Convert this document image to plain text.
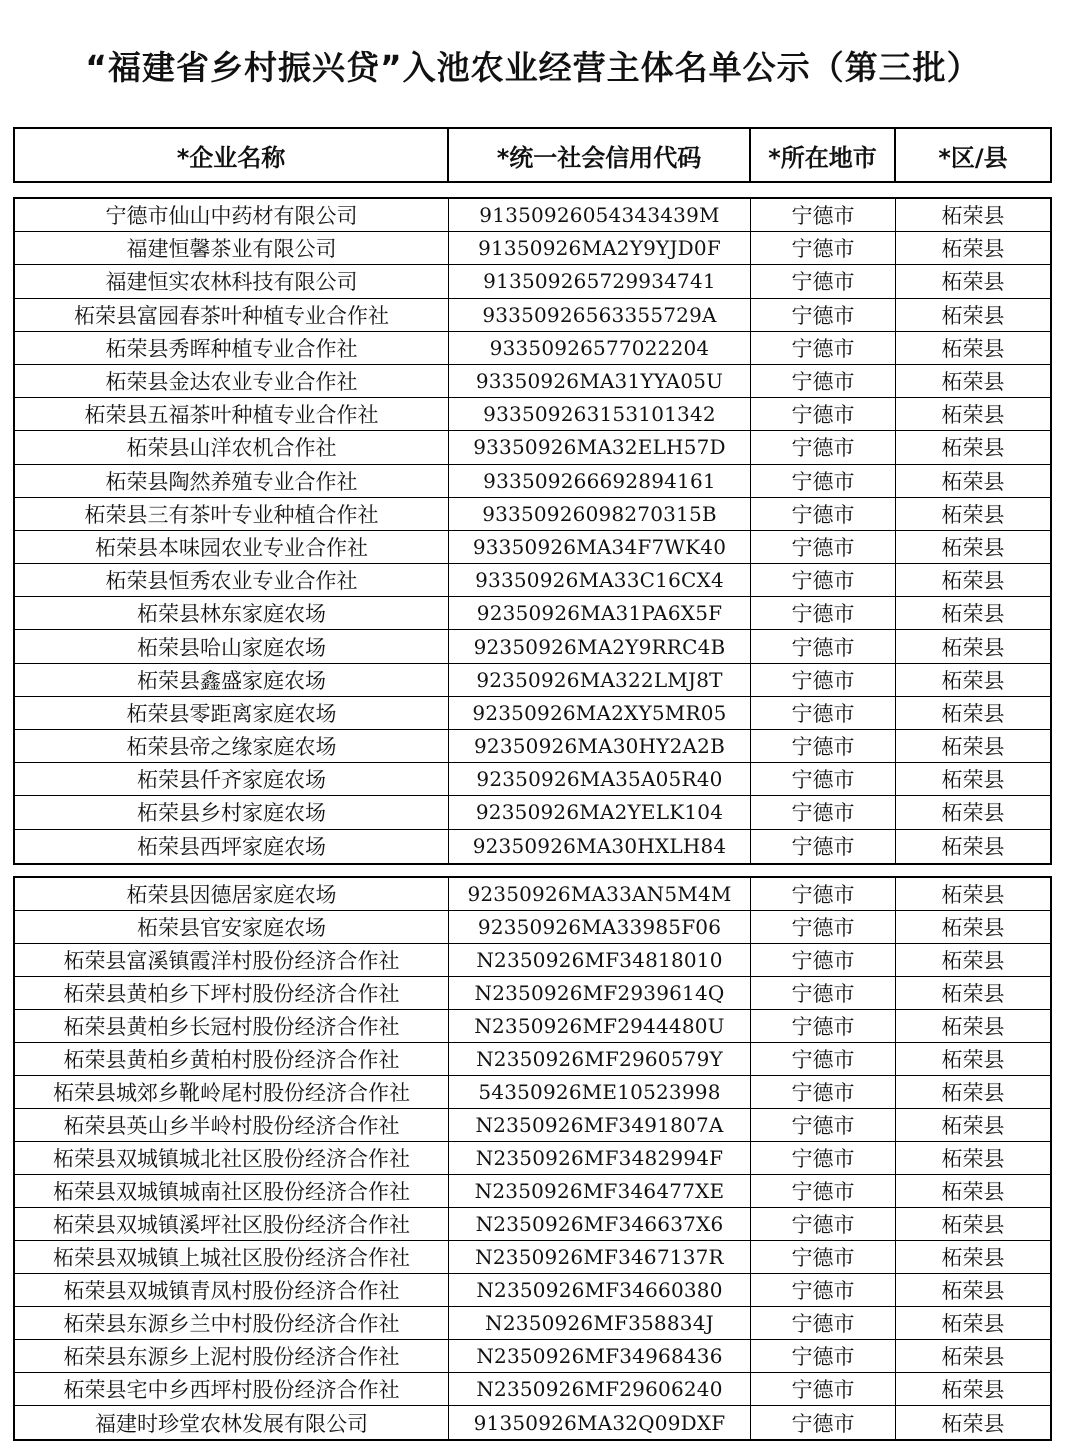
“福建省乡村振兴贷”入池农业经营主体名单公示（第三批）
*企业名称	*统一社会信用代码	*所在地市	*区/县
宁德市仙山中药材有限公司	91350926054343439M	宁德市	柘荣县
福建恒馨茶业有限公司	91350926MA2Y9YJD0F	宁德市	柘荣县
福建恒实农林科技有限公司	913509265729934741	宁德市	柘荣县
柘荣县富园春茶叶种植专业合作社	93350926563355729A	宁德市	柘荣县
柘荣县秀晖种植专业合作社	93350926577022204	宁德市	柘荣县
柘荣县金达农业专业合作社	93350926MA31YYA05U	宁德市	柘荣县
柘荣县五福茶叶种植专业合作社	933509263153101342	宁德市	柘荣县
柘荣县山洋农机合作社	93350926MA32ELH57D	宁德市	柘荣县
柘荣县陶然养殖专业合作社	933509266692894161	宁德市	柘荣县
柘荣县三有茶叶专业种植合作社	93350926098270315B	宁德市	柘荣县
柘荣县本味园农业专业合作社	93350926MA34F7WK40	宁德市	柘荣县
柘荣县恒秀农业专业合作社	93350926MA33C16CX4	宁德市	柘荣县
柘荣县林东家庭农场	92350926MA31PA6X5F	宁德市	柘荣县
柘荣县哈山家庭农场	92350926MA2Y9RRC4B	宁德市	柘荣县
柘荣县鑫盛家庭农场	92350926MA322LMJ8T	宁德市	柘荣县
柘荣县零距离家庭农场	92350926MA2XY5MR05	宁德市	柘荣县
柘荣县帝之缘家庭农场	92350926MA30HY2A2B	宁德市	柘荣县
柘荣县仟齐家庭农场	92350926MA35A05R40	宁德市	柘荣县
柘荣县乡村家庭农场	92350926MA2YELK104	宁德市	柘荣县
柘荣县西坪家庭农场	92350926MA30HXLH84	宁德市	柘荣县
柘荣县因德居家庭农场	92350926MA33AN5M4M	宁德市	柘荣县
柘荣县官安家庭农场	92350926MA33985F06	宁德市	柘荣县
柘荣县富溪镇霞洋村股份经济合作社	N2350926MF34818010	宁德市	柘荣县
柘荣县黄柏乡下坪村股份经济合作社	N2350926MF2939614Q	宁德市	柘荣县
柘荣县黄柏乡长冠村股份经济合作社	N2350926MF2944480U	宁德市	柘荣县
柘荣县黄柏乡黄柏村股份经济合作社	N2350926MF2960579Y	宁德市	柘荣县
柘荣县城郊乡靴岭尾村股份经济合作社	54350926ME10523998	宁德市	柘荣县
柘荣县英山乡半岭村股份经济合作社	N2350926MF3491807A	宁德市	柘荣县
柘荣县双城镇城北社区股份经济合作社	N2350926MF3482994F	宁德市	柘荣县
柘荣县双城镇城南社区股份经济合作社	N2350926MF346477XE	宁德市	柘荣县
柘荣县双城镇溪坪社区股份经济合作社	N2350926MF346637X6	宁德市	柘荣县
柘荣县双城镇上城社区股份经济合作社	N2350926MF3467137R	宁德市	柘荣县
柘荣县双城镇青凤村股份经济合作社	N2350926MF34660380	宁德市	柘荣县
柘荣县东源乡兰中村股份经济合作社	N2350926MF358834J	宁德市	柘荣县
柘荣县东源乡上泥村股份经济合作社	N2350926MF34968436	宁德市	柘荣县
柘荣县宅中乡西坪村股份经济合作社	N2350926MF29606240	宁德市	柘荣县
福建时珍堂农林发展有限公司	91350926MA32Q09DXF	宁德市	柘荣县
